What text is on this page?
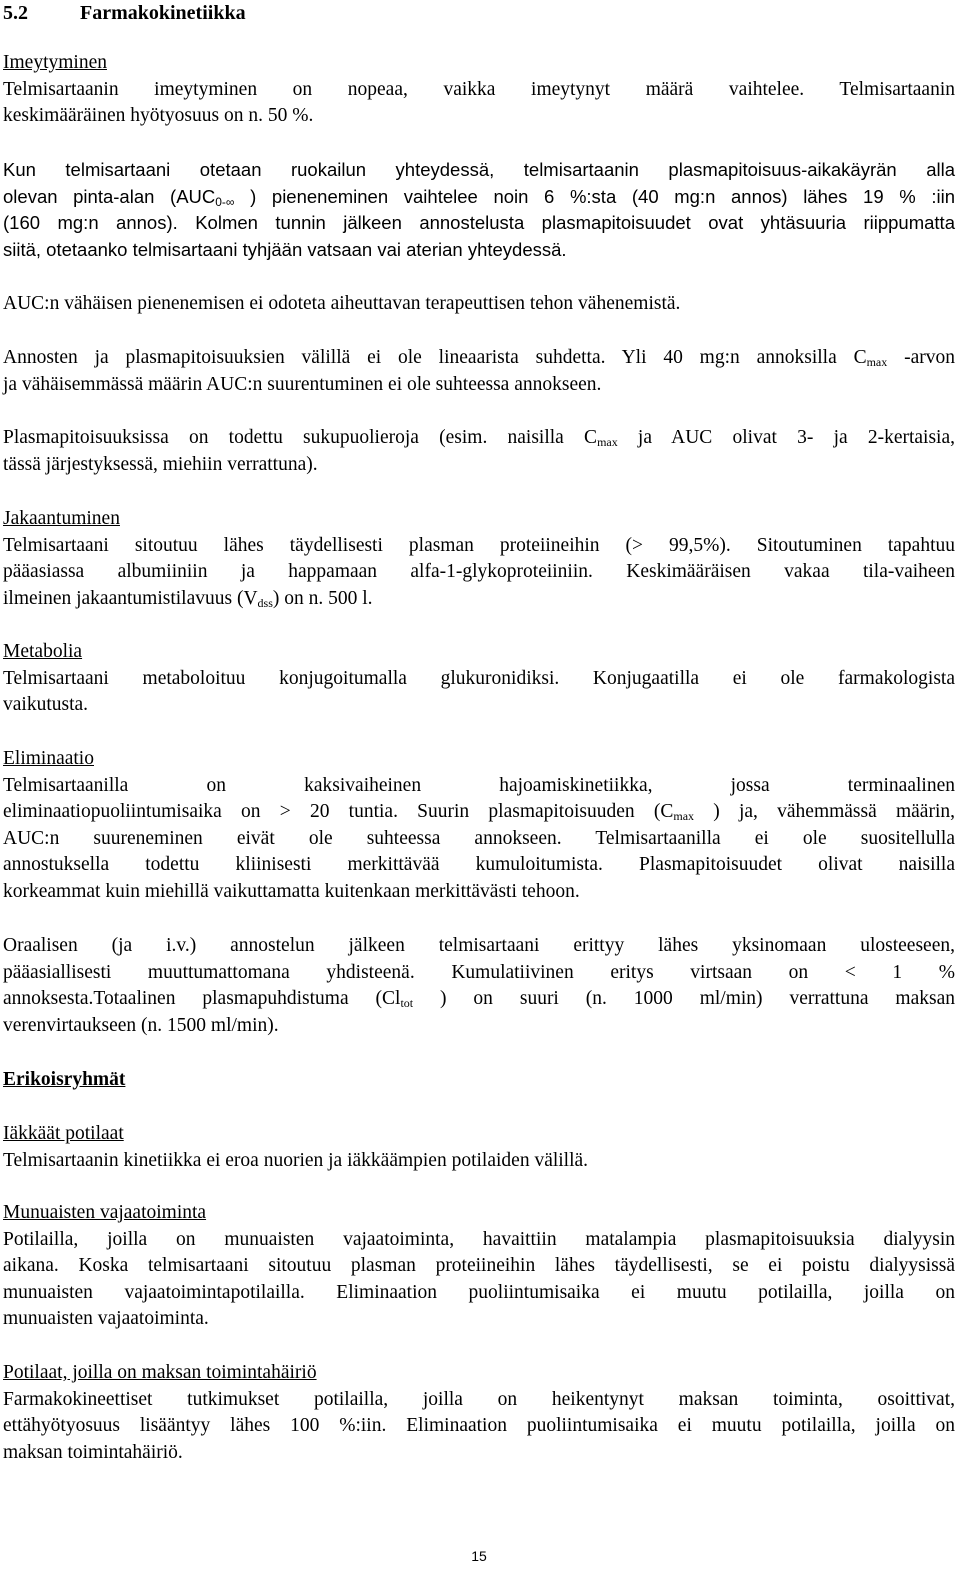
5.2	Farmakokinetiikka
Imeytyminen
Telmisartaanin imeytyminen on nopeaa, vaikka imeytynyt määrä vaihtelee. Telmisartaanin
keskimääräinen hyötyosuus on n. 50 %.
Kun telmisartaani otetaan ruokailun yhteydessä, telmisartaanin plasmapitoisuus-aikakäyrän alla
olevan pinta-alan ($AUC_{0-\infty}$ ) pieneneminen vaihtelee noin 6 %:sta (40 mg:n annos) lähes 19 % :iin
(160 mg:n annos). Kolmen tunnin jälkeen annostelusta plasmapitoisuudet ovat yhtäsuuria riippumatta
siitä, otetaanko telmisartaani tyhjään vatsaan vai aterian yhteydessä.
AUC:n vähäisen pienenemisen ei odoteta aiheuttavan terapeuttisen tehon vähenemistä.
Annosten ja plasmapitoisuuksien välillä ei ole lineaarista suhdetta. Yli 40 mg:n annoksilla $C_{max}$ -arvon
ja vähäisemmässä määrin AUC:n suurentuminen ei ole suhteessa annokseen.
Plasmapitoisuuksissa on todettu sukupuolieroja (esim. naisilla $C_{max}$ ja AUC olivat 3- ja 2-kertaisia,
tässä järjestyksessä, miehiin verrattuna).
Jakaantuminen
Telmisartaani sitoutuu lähes täydellisesti plasman proteiineihin (> 99,5%). Sitoutuminen tapahtuu
pääasiassa albumiiniin ja happamaan alfa-1-glykoproteiiniin. Keskimääräisen vakaa tila-vaiheen
ilmeinen jakaantumistilavuus $(V_{dss})$ on n. 500 l.
Metabolia
Telmisartaani metaboloituu konjugoitumalla glukuronidiksi. Konjugaatilla ei ole farmakologista
vaikutusta.
Eliminaatio
Telmisartaanilla on kaksivaiheinen hajoamiskinetiikka, jossa terminaalinen
eliminaatiopuoliintumisaika on > 20 tuntia. Suurin plasmapitoisuuden ($C_{max}$ ) ja, vähemmässä määrin,
AUC:n suureneminen eivät ole suhteessa annokseen. Telmisartaanilla ei ole suositellulla
annostuksella todettu kliinisesti merkittävää kumuloitumista. Plasmapitoisuudet olivat naisilla
korkeammat kuin miehillä vaikuttamatta kuitenkaan merkittävästi tehoon.
Oraalisen (ja i.v.) annostelun jälkeen telmisartaani erittyy lähes yksinomaan ulosteeseen,
pääasiallisesti muuttumattomana yhdisteenä. Kumulatiivinen eritys virtsaan on < 1 %
annoksesta.Totaalinen plasmapuhdistuma ($Cl_{tot}$ ) on suuri (n. 1000 ml/min) verrattuna maksan
verenvirtaukseen (n. 1500 ml/min).
Erikoisryhmät
Iäkkäät potilaat
Telmisartaanin kinetiikka ei eroa nuorien ja iäkkäämpien potilaiden välillä.
Munuaisten vajaatoiminta
Potilailla, joilla on munuaisten vajaatoiminta, havaittiin matalampia plasmapitoisuuksia dialyysin
aikana. Koska telmisartaani sitoutuu plasman proteiineihin lähes täydellisesti, se ei poistu dialyysissä
munuaisten vajaatoimintapotilailla. Eliminaation puoliintumisaika ei muutu potilailla, joilla on
munuaisten vajaatoiminta.
Potilaat, joilla on maksan toimintahäiriö
Farmakokineettiset tutkimukset potilailla, joilla on heikentynyt maksan toiminta, osoittivat,
ettähyötyosuus lisääntyy lähes 100 %:iin. Eliminaation puoliintumisaika ei muutu potilailla, joilla on
maksan toimintahäiriö.
15
